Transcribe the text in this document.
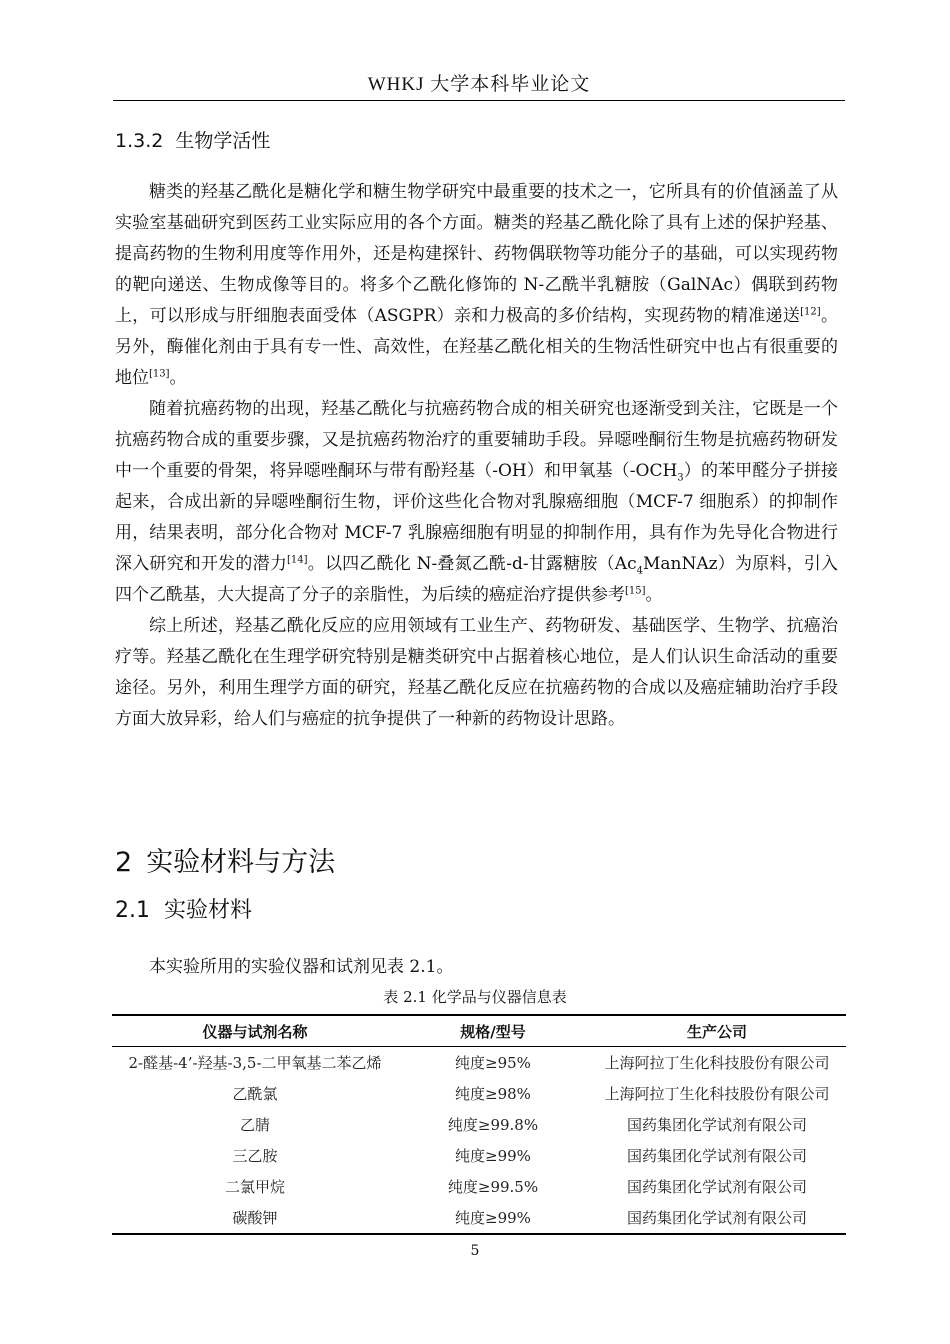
WHKJ 大学本科毕业论文
1.3.2 生物学活性

糖类的羟基乙酰化是糖化学和糖生物学研究中最重要的技术之一，它所具有的价值涵盖了从实验室基础研究到医药工业实际应用的各个方面。糖类的羟基乙酰化除了具有上述的保护羟基、提高药物的生物利用度等作用外，还是构建探针、药物偶联物等功能分子的基础，可以实现药物的靶向递送、生物成像等目的。将多个乙酰化修饰的 N-乙酰半乳糖胺（GalNAc）偶联到药物上，可以形成与肝细胞表面受体（ASGPR）亲和力极高的多价结构，实现药物的精准递送[12]。另外，酶催化剂由于具有专一性、高效性，在羟基乙酰化相关的生物活性研究中也占有很重要的地位[13]。

随着抗癌药物的出现，羟基乙酰化与抗癌药物合成的相关研究也逐渐受到关注，它既是一个抗癌药物合成的重要步骤，又是抗癌药物治疗的重要辅助手段。异噁唑酮衍生物是抗癌药物研发中一个重要的骨架，将异噁唑酮环与带有酚羟基（-OH）和甲氧基$(-OCH_3)$的苯甲醛分子拼接起来，合成出新的异噁唑酮衍生物，评价这些化合物对乳腺癌细胞（MCF-7 细胞系）的抑制作用，结果表明，部分化合物对 MCF-7 乳腺癌细胞有明显的抑制作用，具有作为先导化合物进行深入研究和开发的潜力[14]。以四乙酰化 N-叠氮乙酰-d-甘露糖胺$(Ac_4ManNAz)$为原料，引入四个乙酰基，大大提高了分子的亲脂性，为后续的癌症治疗提供参考[15]。

综上所述，羟基乙酰化反应的应用领域有工业生产、药物研发、基础医学、生物学、抗癌治疗等。羟基乙酰化在生理学研究特别是糖类研究中占据着核心地位，是人们认识生命活动的重要途径。另外，利用生理学方面的研究，羟基乙酰化反应在抗癌药物的合成以及癌症辅助治疗手段方面大放异彩，给人们与癌症的抗争提供了一种新的药物设计思路。

2 实验材料与方法
2.1 实验材料
本实验所用的实验仪器和试剂见表 2.1。
表 2.1 化学品与仪器信息表
仪器与试剂名称	规格/型号	生产公司
2-醛基-4’-羟基-3,5-二甲氧基二苯乙烯	纯度≥95%	上海阿拉丁生化科技股份有限公司
乙酰氯	纯度≥98%	上海阿拉丁生化科技股份有限公司
乙腈	纯度≥99.8%	国药集团化学试剂有限公司
三乙胺	纯度≥99%	国药集团化学试剂有限公司
二氯甲烷	纯度≥99.5%	国药集团化学试剂有限公司
碳酸钾	纯度≥99%	国药集团化学试剂有限公司
5
